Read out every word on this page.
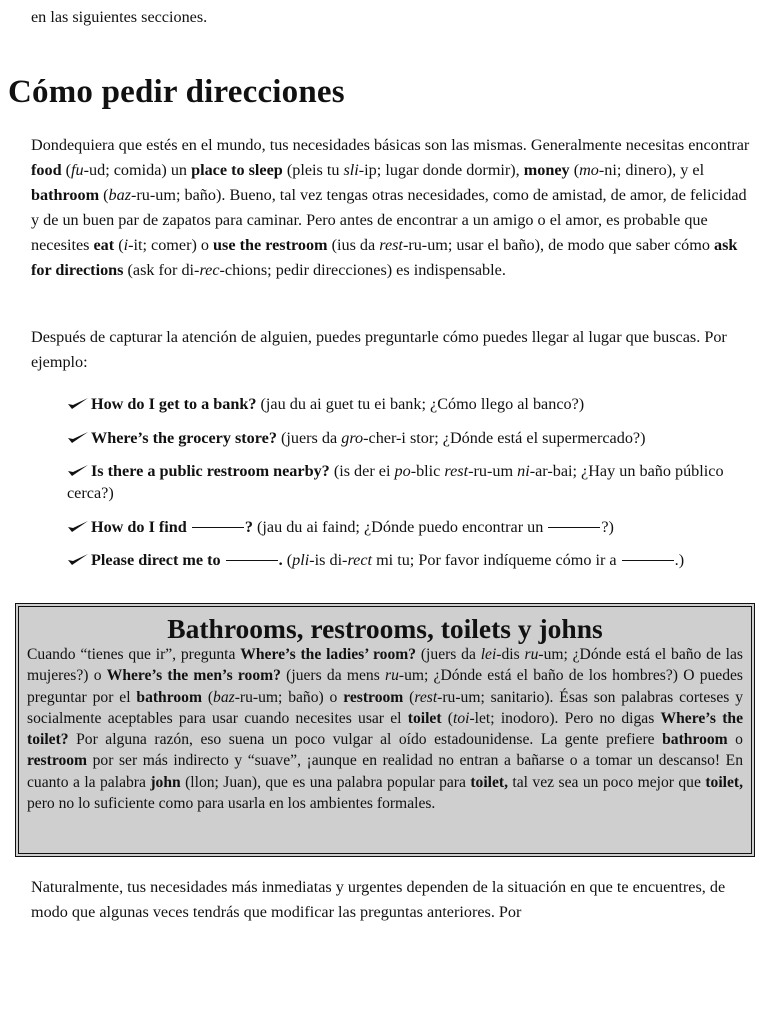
en las siguientes secciones.

Cómo pedir direcciones

Dondequiera que estés en el mundo, tus necesidades básicas son las mismas. Generalmente necesitas encontrar food (fu-ud; comida) un place to sleep (pleis tu sli-ip; lugar donde dormir), money (mo-ni; dinero), y el bathroom (baz-ru-um; baño). Bueno, tal vez tengas otras necesidades, como de amistad, de amor, de felicidad y de un buen par de zapatos para caminar. Pero antes de encontrar a un amigo o el amor, es probable que necesites eat (i-it; comer) o use the restroom (ius da rest-ru-um; usar el baño), de modo que saber cómo ask for directions (ask for di-rec-chions; pedir direcciones) es indispensable.

Después de capturar la atención de alguien, puedes preguntarle cómo puedes llegar al lugar que buscas. Por ejemplo:

How do I get to a bank? (jau du ai guet tu ei bank; ¿Cómo llego al banco?)
Where’s the grocery store? (juers da gro-cher-i stor; ¿Dónde está el supermercado?)
Is there a public restroom nearby? (is der ei po-blic rest-ru-um ni-ar-bai; ¿Hay un baño público cerca?)
How do I find	? (jau du ai faind; ¿Dónde puedo encontrar un	?)
Please direct me to	. (pli-is di-rect mi tu; Por favor indíqueme cómo ir a	.)
Bathrooms, restrooms, toilets y johns

Cuando “tienes que ir”, pregunta Where’s the ladies’ room? (juers da lei-dis ru-um; ¿Dónde está el baño de las mujeres?) o Where’s the men’s room? (juers da mens ru-um; ¿Dónde está el baño de los hombres?) O puedes preguntar por el bathroom (baz-ru-um; baño) o restroom (rest-ru-um; sanitario). Ésas son palabras corteses y socialmente aceptables para usar cuando necesites usar el toilet (toi-let; inodoro). Pero no digas Where’s the toilet? Por alguna razón, eso suena un poco vulgar al oído estadounidense. La gente prefiere bathroom o restroom por ser más indirecto y “suave”, ¡aunque en realidad no entran a bañarse o a tomar un descanso! En cuanto a la palabra john (llon; Juan), que es una palabra popular para toilet, tal vez sea un poco mejor que toilet, pero no lo suficiente como para usarla en los ambientes formales.

Naturalmente, tus necesidades más inmediatas y urgentes dependen de la situación en que te encuentres, de modo que algunas veces tendrás que modificar las preguntas anteriores. Por
